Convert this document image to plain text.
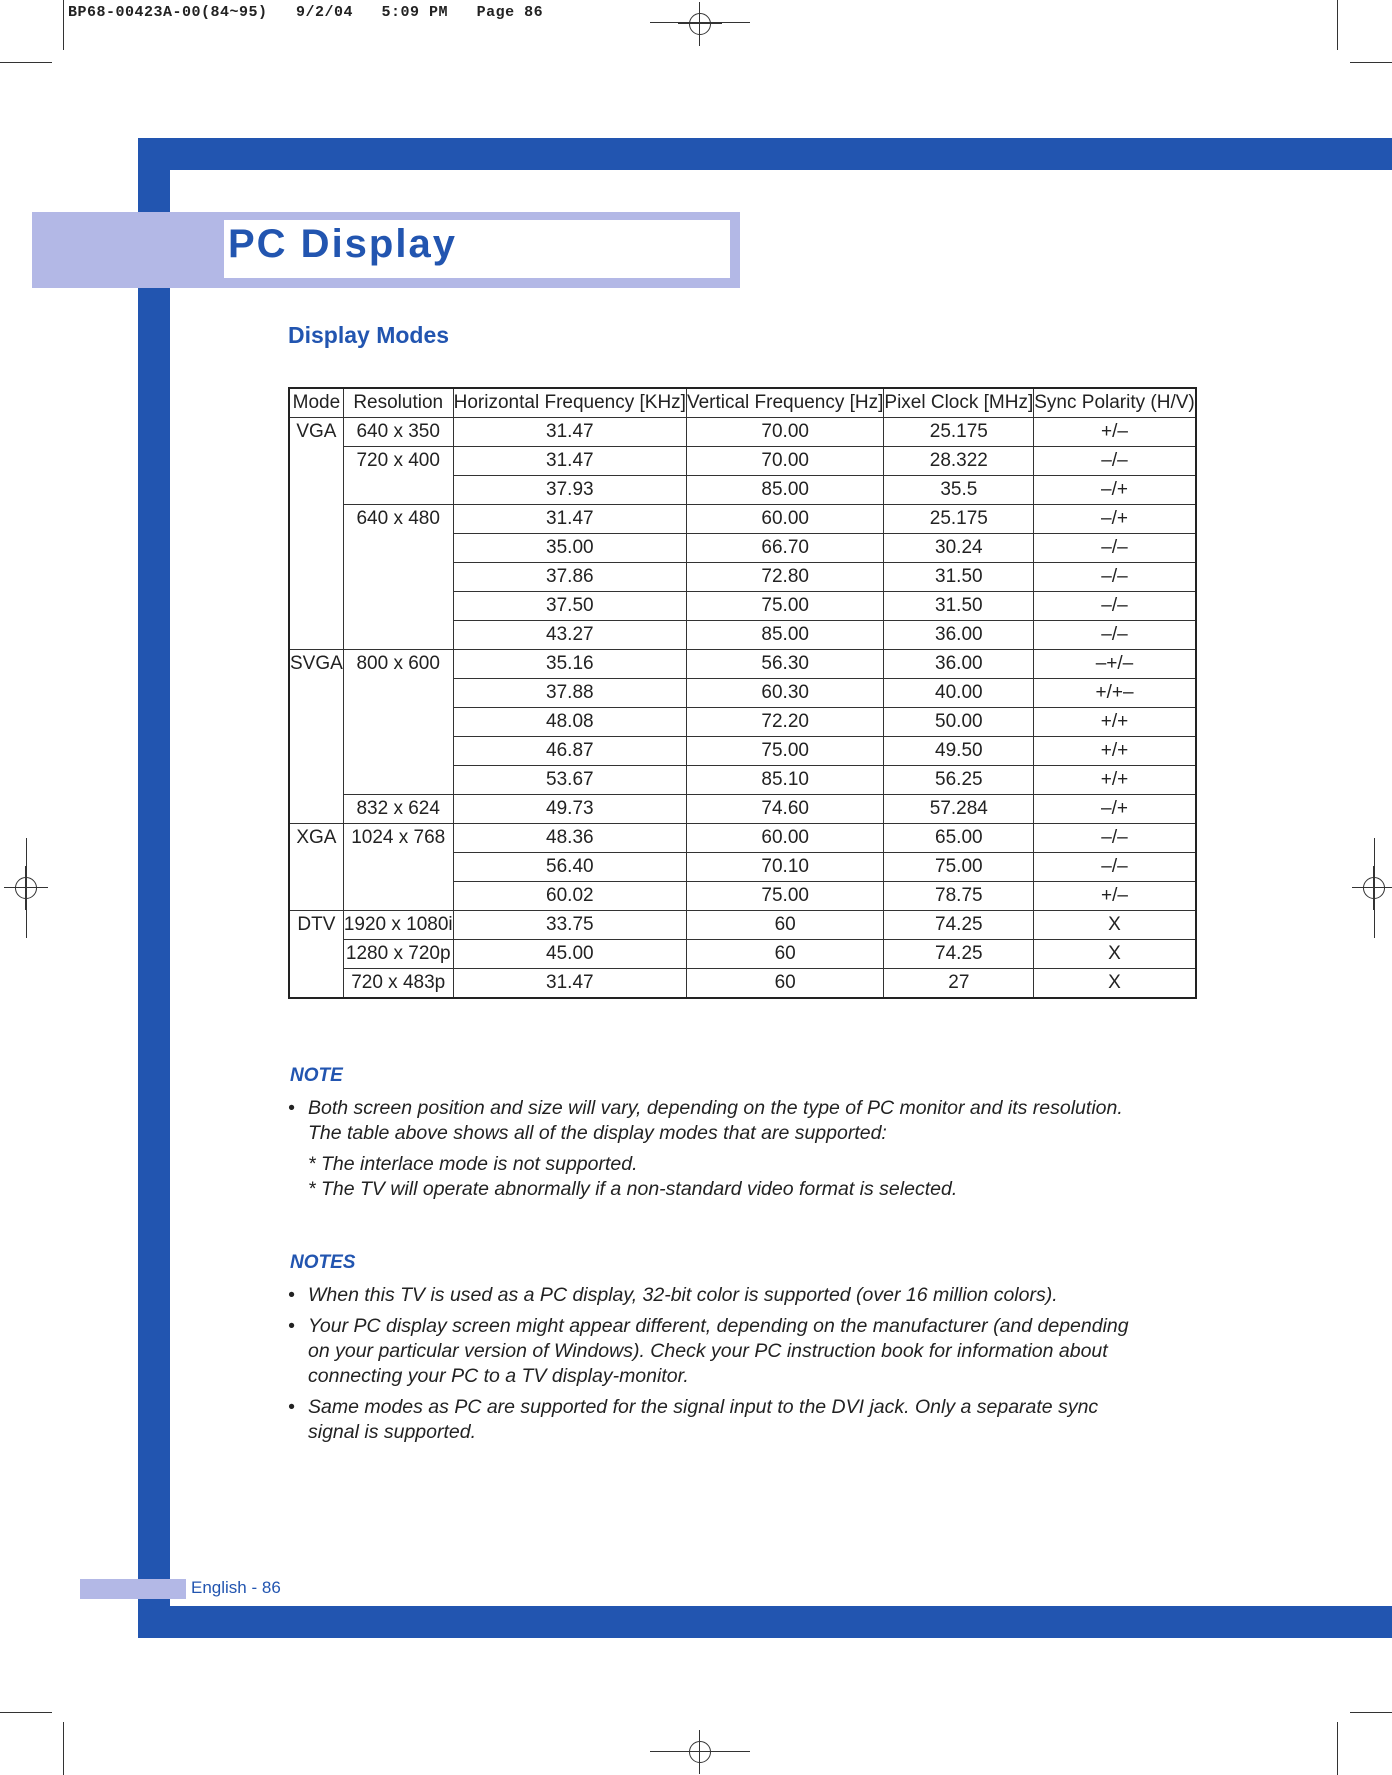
BP68-00423A-00(84~95)   9/2/04   5:09 PM   Page 86
PC Display
Display Modes
Mode	Resolution	Horizontal Frequency [KHz]	Vertical Frequency [Hz]	Pixel Clock [MHz]	Sync Polarity (H/V)
VGA	640 x 350	31.47	70.00	25.175	+/–
	720 x 400	31.47	70.00	28.322	–/–
		37.93	85.00	35.5	–/+
	640 x 480	31.47	60.00	25.175	–/+
		35.00	66.70	30.24	–/–
		37.86	72.80	31.50	–/–
		37.50	75.00	31.50	–/–
		43.27	85.00	36.00	–/–
SVGA	800 x 600	35.16	56.30	36.00	–+/–
		37.88	60.30	40.00	+/+–
		48.08	72.20	50.00	+/+
		46.87	75.00	49.50	+/+
		53.67	85.10	56.25	+/+
	832 x 624	49.73	74.60	57.284	–/+
XGA	1024 x 768	48.36	60.00	65.00	–/–
		56.40	70.10	75.00	–/–
		60.02	75.00	78.75	+/–
DTV	1920 x 1080i	33.75	60	74.25	X
	1280 x 720p	45.00	60	74.25	X
	720 x 483p	31.47	60	27	X
NOTE
• Both screen position and size will vary, depending on the type of PC monitor and its resolution.
The table above shows all of the display modes that are supported:
* The interlace mode is not supported.
* The TV will operate abnormally if a non-standard video format is selected.
NOTES
• When this TV is used as a PC display, 32-bit color is supported (over 16 million colors).
• Your PC display screen might appear different, depending on the manufacturer (and depending
on your particular version of Windows). Check your PC instruction book for information about
connecting your PC to a TV display-monitor.
• Same modes as PC are supported for the signal input to the DVI jack. Only a separate sync
signal is supported.

English - 86
